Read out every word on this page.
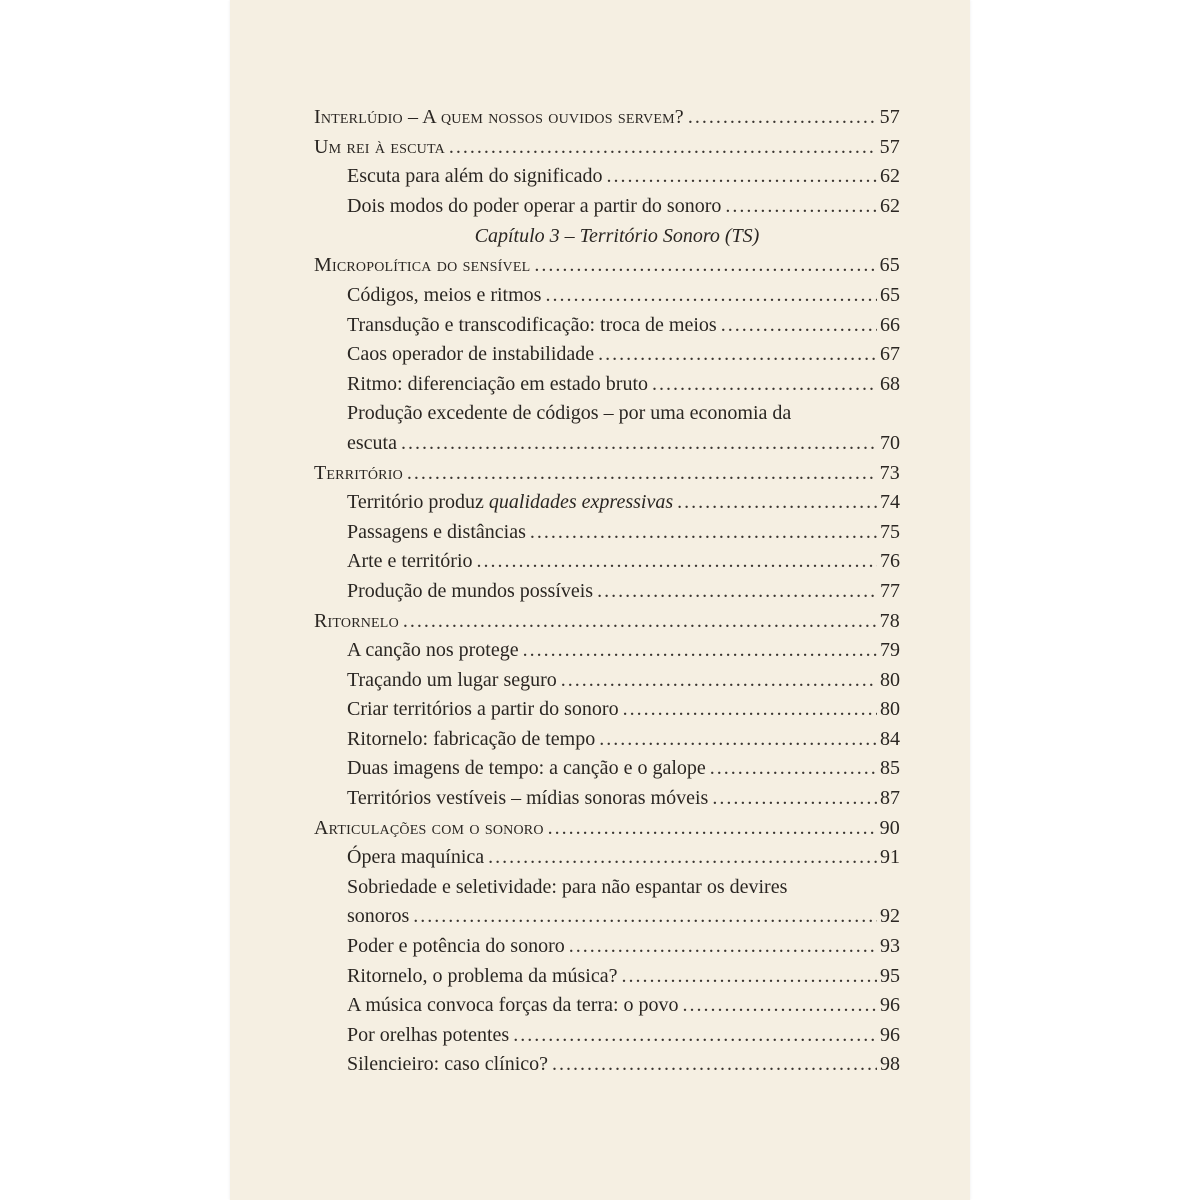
Interlúdio – A quem nossos ouvidos servem? . . .	57
Um rei à escuta . . .	57
Escuta para além do significado . . .	62
Dois modos do poder operar a partir do sonoro . . .	62
Capítulo 3 – Território Sonoro (TS)
Micropolítica do sensível . . .	65
Códigos, meios e ritmos . . .	65
Transdução e transcodificação: troca de meios . . .	66
Caos operador de instabilidade . . .	67
Ritmo: diferenciação em estado bruto . . .	68
Produção excedente de códigos – por uma economia da
escuta . . .	70
Território . . .	73
Território produz qualidades expressivas . . .	74
Passagens e distâncias . . .	75
Arte e território . . .	76
Produção de mundos possíveis . . .	77
Ritornelo . . .	78
A canção nos protege . . .	79
Traçando um lugar seguro . . .	80
Criar territórios a partir do sonoro . . .	80
Ritornelo: fabricação de tempo . . .	84
Duas imagens de tempo: a canção e o galope . . .	85
Territórios vestíveis – mídias sonoras móveis . . .	87
Articulações com o sonoro . . .	90
Ópera maquínica . . .	91
Sobriedade e seletividade: para não espantar os devires
sonoros . . .	92
Poder e potência do sonoro . . .	93
Ritornelo, o problema da música? . . .	95
A música convoca forças da terra: o povo . . .	96
Por orelhas potentes . . .	96
Silencieiro: caso clínico? . . .	98
